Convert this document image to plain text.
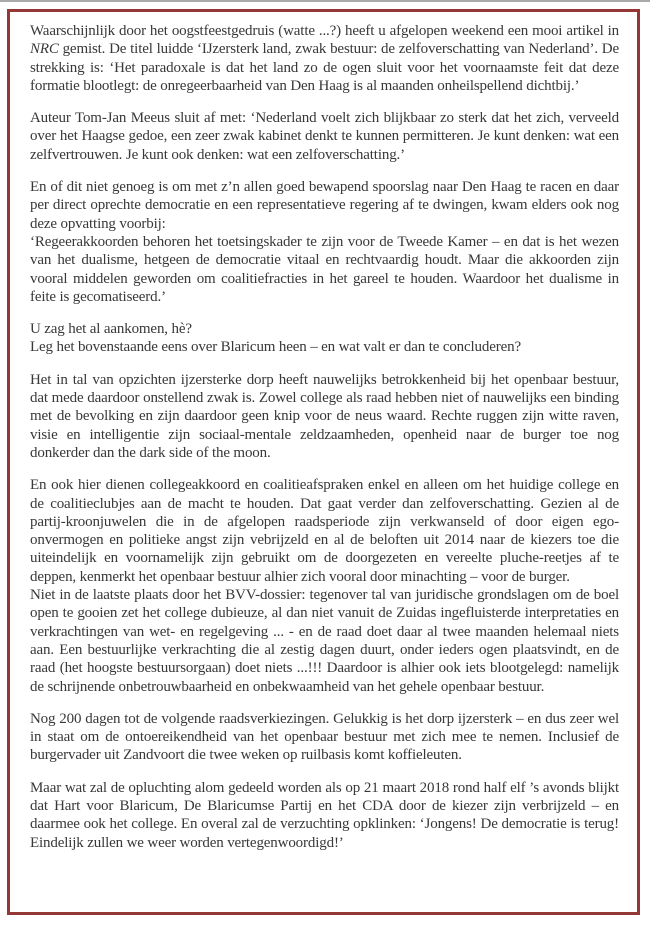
Waarschijnlijk door het oogstfeestgedruis (watte ...?) heeft u afgelopen weekend een mooi artikel in NRC gemist. De titel luidde ‘IJzersterk land, zwak bestuur: de zelfoverschatting van Nederland’. De strekking is: ‘Het paradoxale is dat het land zo de ogen sluit voor het voornaamste feit dat deze formatie blootlegt: de onregeerbaarheid van Den Haag is al maanden onheilspellend dichtbij.’

Auteur Tom-Jan Meeus sluit af met: ‘Nederland voelt zich blijkbaar zo sterk dat het zich, verveeld over het Haagse gedoe, een zeer zwak kabinet denkt te kunnen permitteren. Je kunt denken: wat een zelfvertrouwen. Je kunt ook denken: wat een zelfoverschatting.’

En of dit niet genoeg is om met z’n allen goed bewapend spoorslag naar Den Haag te racen en daar per direct oprechte democratie en een representatieve regering af te dwingen, kwam elders ook nog deze opvatting voorbij:
‘Regeerakkoorden behoren het toetsingskader te zijn voor de Tweede Kamer – en dat is het wezen van het dualisme, hetgeen de democratie vitaal en rechtvaardig houdt. Maar die akkoorden zijn vooral middelen geworden om coalitiefracties in het gareel te houden. Waardoor het dualisme in feite is gecomatiseerd.’

U zag het al aankomen, hè?
Leg het bovenstaande eens over Blaricum heen – en wat valt er dan te concluderen?

Het in tal van opzichten ijzersterke dorp heeft nauwelijks betrokkenheid bij het openbaar bestuur, dat mede daardoor onstellend zwak is. Zowel college als raad hebben niet of nauwelijks een binding met de bevolking en zijn daardoor geen knip voor de neus waard. Rechte ruggen zijn witte raven, visie en intelligentie zijn sociaal-mentale zeldzaamheden, openheid naar de burger toe nog donkerder dan the dark side of the moon.

En ook hier dienen collegeakkoord en coalitieafspraken enkel en alleen om het huidige college en de coalitieclubjes aan de macht te houden. Dat gaat verder dan zelfoverschatting. Gezien al de partij-kroonjuwelen die in de afgelopen raadsperiode zijn verkwanseld of door eigen ego-onvermogen en politieke angst zijn vebrijzeld en al de beloften uit 2014 naar de kiezers toe die uiteindelijk en voornamelijk zijn gebruikt om de doorgezeten en vereelte pluche-reetjes af te deppen, kenmerkt het openbaar bestuur alhier zich vooral door minachting – voor de burger.
Niet in de laatste plaats door het BVV-dossier: tegenover tal van juridische grondslagen om de boel open te gooien zet het college dubieuze, al dan niet vanuit de Zuidas ingefluisterde interpretaties en verkrachtingen van wet- en regelgeving ... - en de raad doet daar al twee maanden helemaal niets aan. Een bestuurlijke verkrachting die al zestig dagen duurt, onder ieders ogen plaatsvindt, en de raad (het hoogste bestuursorgaan) doet niets ...!!! Daardoor is alhier ook iets blootgelegd: namelijk de schrijnende onbetrouwbaarheid en onbekwaamheid van het gehele openbaar bestuur.

Nog 200 dagen tot de volgende raadsverkiezingen. Gelukkig is het dorp ijzersterk – en dus zeer wel in staat om de ontoereikendheid van het openbaar bestuur met zich mee te nemen. Inclusief de burgervader uit Zandvoort die twee weken op ruilbasis komt koffieleuten.

Maar wat zal de opluchting alom gedeeld worden als op 21 maart 2018 rond half elf ’s avonds blijkt dat Hart voor Blaricum, De Blaricumse Partij en het CDA door de kiezer zijn verbrijzeld – en daarmee ook het college. En overal zal de verzuchting opklinken: ‘Jongens! De democratie is terug! Eindelijk zullen we weer worden vertegenwoordigd!’
